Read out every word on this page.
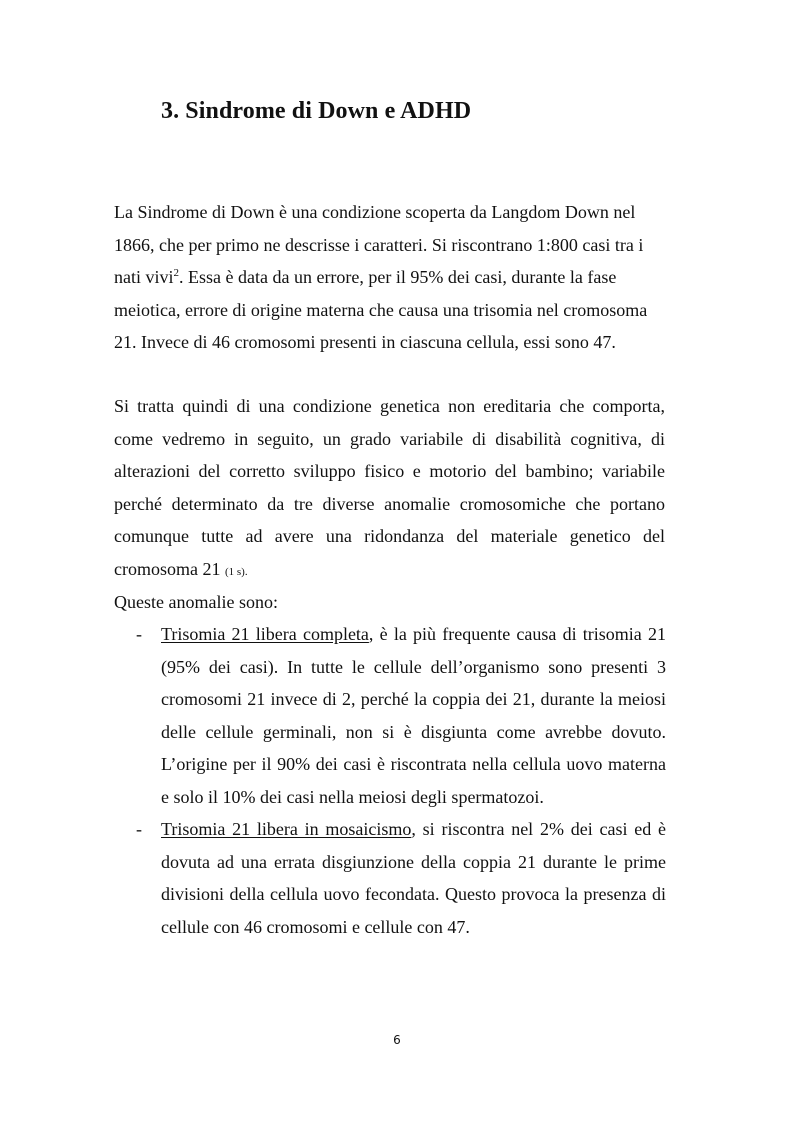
3. Sindrome di Down e ADHD

La Sindrome di Down è una condizione scoperta da Langdom Down nel 1866, che per primo ne descrisse i caratteri. Si riscontrano 1:800 casi tra i nati vivi$^2$. Essa è data da un errore, per il 95% dei casi, durante la fase meiotica, errore di origine materna che causa una trisomia nel cromosoma 21. Invece di 46 cromosomi presenti in ciascuna cellula, essi sono 47.

Si tratta quindi di una condizione genetica non ereditaria che comporta, come vedremo in seguito, un grado variabile di disabilità cognitiva, di alterazioni del corretto sviluppo fisico e motorio del bambino; variabile perché determinato da tre diverse anomalie cromosomiche che portano comunque tutte ad avere una ridondanza del materiale genetico del cromosoma 21 (1 s).

Queste anomalie sono:

- Trisomia 21 libera completa, è la più frequente causa di trisomia 21 (95% dei casi). In tutte le cellule dell’organismo sono presenti 3 cromosomi 21 invece di 2, perché la coppia dei 21, durante la meiosi delle cellule germinali, non si è disgiunta come avrebbe dovuto. L’origine per il 90% dei casi è riscontrata nella cellula uovo materna e solo il 10% dei casi nella meiosi degli spermatozoi.
- Trisomia 21 libera in mosaicismo, si riscontra nel 2% dei casi ed è dovuta ad una errata disgiunzione della coppia 21 durante le prime divisioni della cellula uovo fecondata. Questo provoca la presenza di cellule con 46 cromosomi e cellule con 47.
6
